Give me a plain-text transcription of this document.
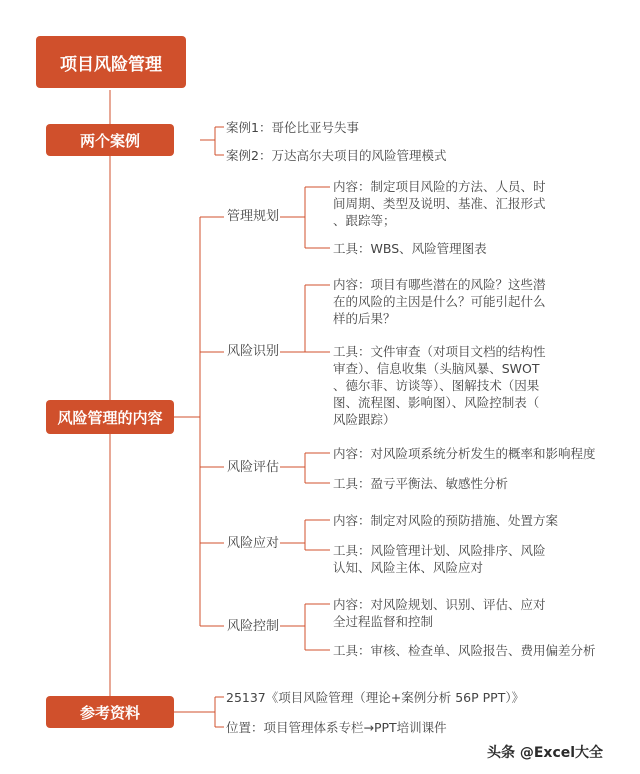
项目风险管理
两个案例
风险管理的内容
参考资料
案例1：哥伦比亚号失事
案例2：万达高尔夫项目的风险管理模式
管理规划
风险识别
风险评估
风险应对
风险控制
内容：制定项目风险的方法、人员、时
间周期、类型及说明、基准、汇报形式
、跟踪等；
工具：WBS、风险管理图表
内容：项目有哪些潜在的风险？这些潜
在的风险的主因是什么？可能引起什么
样的后果？
工具：文件审查（对项目文档的结构性
审查）、信息收集（头脑风暴、SWOT
、德尔菲、访谈等）、图解技术（因果
图、流程图、影响图）、风险控制表（
风险跟踪）
内容：对风险项系统分析发生的概率和影响程度
工具：盈亏平衡法、敏感性分析
内容：制定对风险的预防措施、处置方案
工具：风险管理计划、风险排序、风险
认知、风险主体、风险应对
内容：对风险规划、识别、评估、应对
全过程监督和控制
工具：审核、检查单、风险报告、费用偏差分析
25137《项目风险管理（理论+案例分析 56P PPT）》
位置：项目管理体系专栏→PPT培训课件
头条 @Excel大全
